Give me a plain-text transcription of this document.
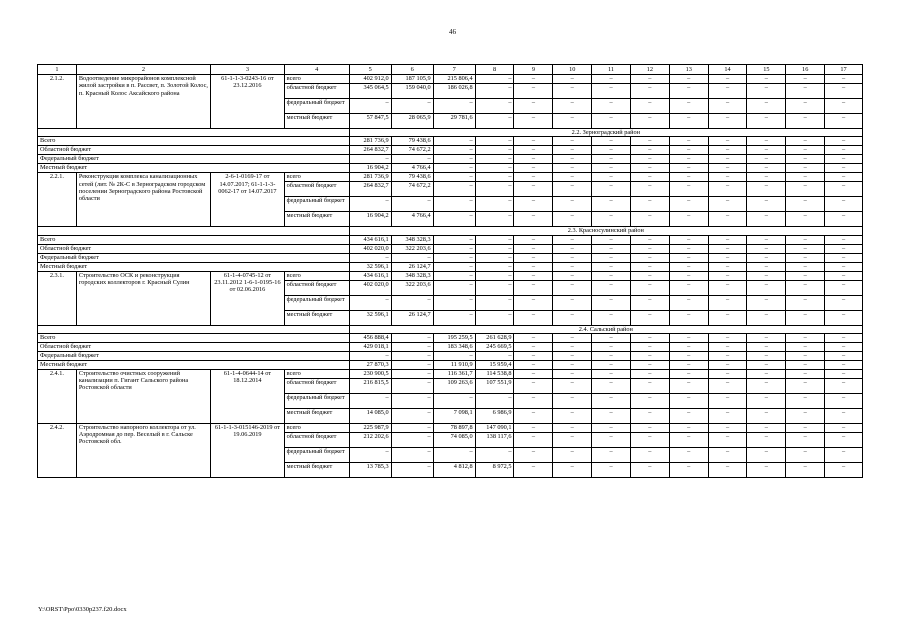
46
1	2	3	4	5	6	7	8	9	10	11	12	13	14	15	16	17
2.1.2.	Водоотведение микрорайонов комплексной жилой застройки в п. Рассвет, п. Золотой Колос, п. Красный Колос Аксайского района	61-1-1-3-0243-16 от 23.12.2016	всего	402 912,0	187 105,9	215 806,4	–	–	–	–	–	–	–	–	–	–
			областной бюджет	345 064,5	159 040,0	186 026,8	–	–	–	–	–	–	–	–	–	–
			федеральный бюджет	–	–	–	–	–	–	–	–	–	–	–	–	–
			местный бюджет	57 847,5	28 065,9	29 781,6	–	–	–	–	–	–	–	–	–	–
				2.2. Зерноградский район												
Всего				281 736,9	79 438,6	–	–	–	–	–	–	–	–	–	–	–
Областной бюджет				264 832,7	74 672,2	–	–	–	–	–	–	–	–	–	–	–
Федеральный бюджет				–	–	–	–	–	–	–	–	–	–	–	–	–
Местный бюджет				16 904,2	4 766,4	–	–	–	–	–	–	–	–	–	–	–
2.2.1.	Реконструкция комплекса канализационных сетей (лит. № 2К-С в Зерноградском городском поселении Зерноградского района Ростовской области	2-6-1-0169-17 от 14.07.2017; 61-1-1-3-0062-17 от 14.07.2017	всего	281 736,9	79 438,6	–	–	–	–	–	–	–	–	–	–	–
			областной бюджет	264 832,7	74 672,2	–	–	–	–	–	–	–	–	–	–	–
			федеральный бюджет	–	–	–	–	–	–	–	–	–	–	–	–	–
			местный бюджет	16 904,2	4 766,4	–	–	–	–	–	–	–	–	–	–	–
				2.3. Красносулинский район												
Всего				434 616,1	348 328,3	–	–	–	–	–	–	–	–	–	–	–
Областной бюджет				402 020,0	322 203,6	–	–	–	–	–	–	–	–	–	–	–
Федеральный бюджет				–	–	–	–	–	–	–	–	–	–	–	–	–
Местный бюджет				32 596,1	26 124,7	–	–	–	–	–	–	–	–	–	–	–
2.3.1.	Строительство ОСК и реконструкция городских коллекторов г. Красный Сулин	61-1-4-0745-12 от 23.11.2012 1-6-1-0195-16 от 02.06.2016	всего	434 616,1	348 328,3	–	–	–	–	–	–	–	–	–	–	–
			областной бюджет	402 020,0	322 203,6	–	–	–	–	–	–	–	–	–	–	–
			федеральный бюджет	–	–	–	–	–	–	–	–	–	–	–	–	–
			местный бюджет	32 596,1	26 124,7	–	–	–	–	–	–	–	–	–	–	–
				2.4. Сальский район												
Всего				456 888,4	–	195 259,5	261 628,9	–	–	–	–	–	–	–	–	–
Областной бюджет				429 018,1	–	183 348,6	245 669,5	–	–	–	–	–	–	–	–	–
Федеральный бюджет				–	–	–	–	–	–	–	–	–	–	–	–	–
Местный бюджет				27 870,3	–	11 910,9	15 959,4	–	–	–	–	–	–	–	–	–
2.4.1.	Строительство очистных сооружений канализации п. Гигант Сальского района Ростовской области	61-1-4-0644-14 от 18.12.2014	всего	230 900,5	–	116 361,7	114 538,8	–	–	–	–	–	–	–	–	–
			областной бюджет	216 815,5	–	109 263,6	107 551,9	–	–	–	–	–	–	–	–	–
			федеральный бюджет	–	–	–	–	–	–	–	–	–	–	–	–	–
			местный бюджет	14 085,0	–	7 098,1	6 986,9	–	–	–	–	–	–	–	–	–
2.4.2.	Строительство напорного коллектора от ул. Аэродромная до пер. Веселый в г. Сальске Ростовской обл.	61-1-1-3-015146-2019 от 19.06.2019	всего	225 987,9	–	78 897,8	147 090,1	–	–	–	–	–	–	–	–	–
			областной бюджет	212 202,6	–	74 085,0	138 117,6	–	–	–	–	–	–	–	–	–
			федеральный бюджет	–	–	–	–	–	–	–	–	–	–	–	–	–
			местный бюджет	13 785,3	–	4 812,8	8 972,5	–	–	–	–	–	–	–	–	–
Y:\ORST\Ppo\0330p237.f20.docx
